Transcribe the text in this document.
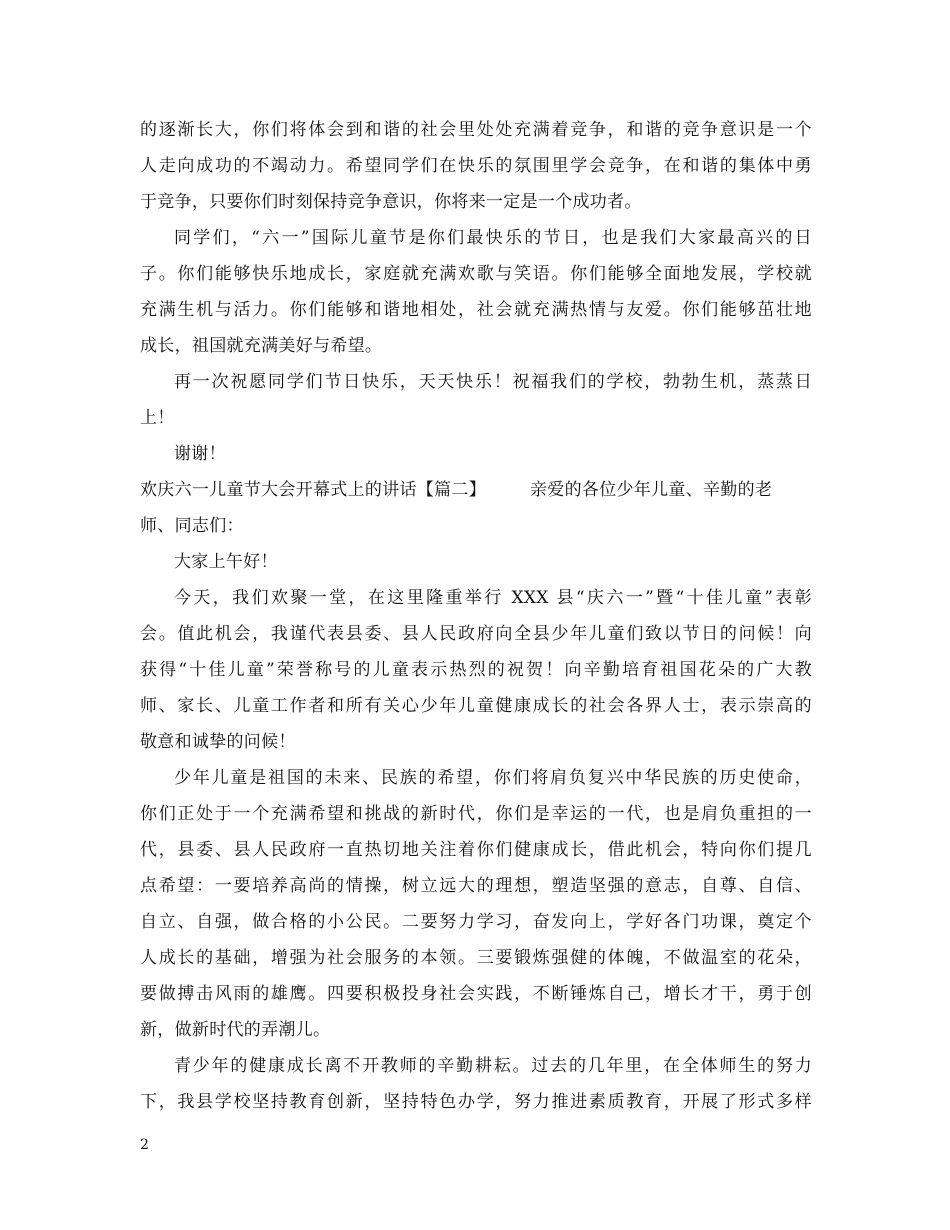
的逐渐长大，你们将体会到和谐的社会里处处充满着竞争，和谐的竞争意识是一个
人走向成功的不竭动力。希望同学们在快乐的氛围里学会竞争，在和谐的集体中勇
于竞争，只要你们时刻保持竞争意识，你将来一定是一个成功者。
同学们，“六一”国际儿童节是你们最快乐的节日，也是我们大家最高兴的日
子。你们能够快乐地成长，家庭就充满欢歌与笑语。你们能够全面地发展，学校就
充满生机与活力。你们能够和谐地相处，社会就充满热情与友爱。你们能够茁壮地
成长，祖国就充满美好与希望。
再一次祝愿同学们节日快乐，天天快乐！祝福我们的学校，勃勃生机，蒸蒸日
上！
谢谢！
欢庆六一儿童节大会开幕式上的讲话【篇二】	亲爱的各位少年儿童、辛勤的老
师、同志们：
大家上午好！
今天，我们欢聚一堂，在这里隆重举行 XXX 县“庆六一”暨“十佳儿童”表彰
会。值此机会，我谨代表县委、县人民政府向全县少年儿童们致以节日的问候！向
获得“十佳儿童”荣誉称号的儿童表示热烈的祝贺！向辛勤培育祖国花朵的广大教
师、家长、儿童工作者和所有关心少年儿童健康成长的社会各界人士，表示崇高的
敬意和诚挚的问候！
少年儿童是祖国的未来、民族的希望，你们将肩负复兴中华民族的历史使命，
你们正处于一个充满希望和挑战的新时代，你们是幸运的一代，也是肩负重担的一
代，县委、县人民政府一直热切地关注着你们健康成长，借此机会，特向你们提几
点希望：一要培养高尚的情操，树立远大的理想，塑造坚强的意志，自尊、自信、
自立、自强，做合格的小公民。二要努力学习，奋发向上，学好各门功课，奠定个
人成长的基础，增强为社会服务的本领。三要锻炼强健的体魄，不做温室的花朵，
要做搏击风雨的雄鹰。四要积极投身社会实践，不断锤炼自己，增长才干，勇于创
新，做新时代的弄潮儿。
青少年的健康成长离不开教师的辛勤耕耘。过去的几年里，在全体师生的努力
下，我县学校坚持教育创新，坚持特色办学，努力推进素质教育，开展了形式多样
2
